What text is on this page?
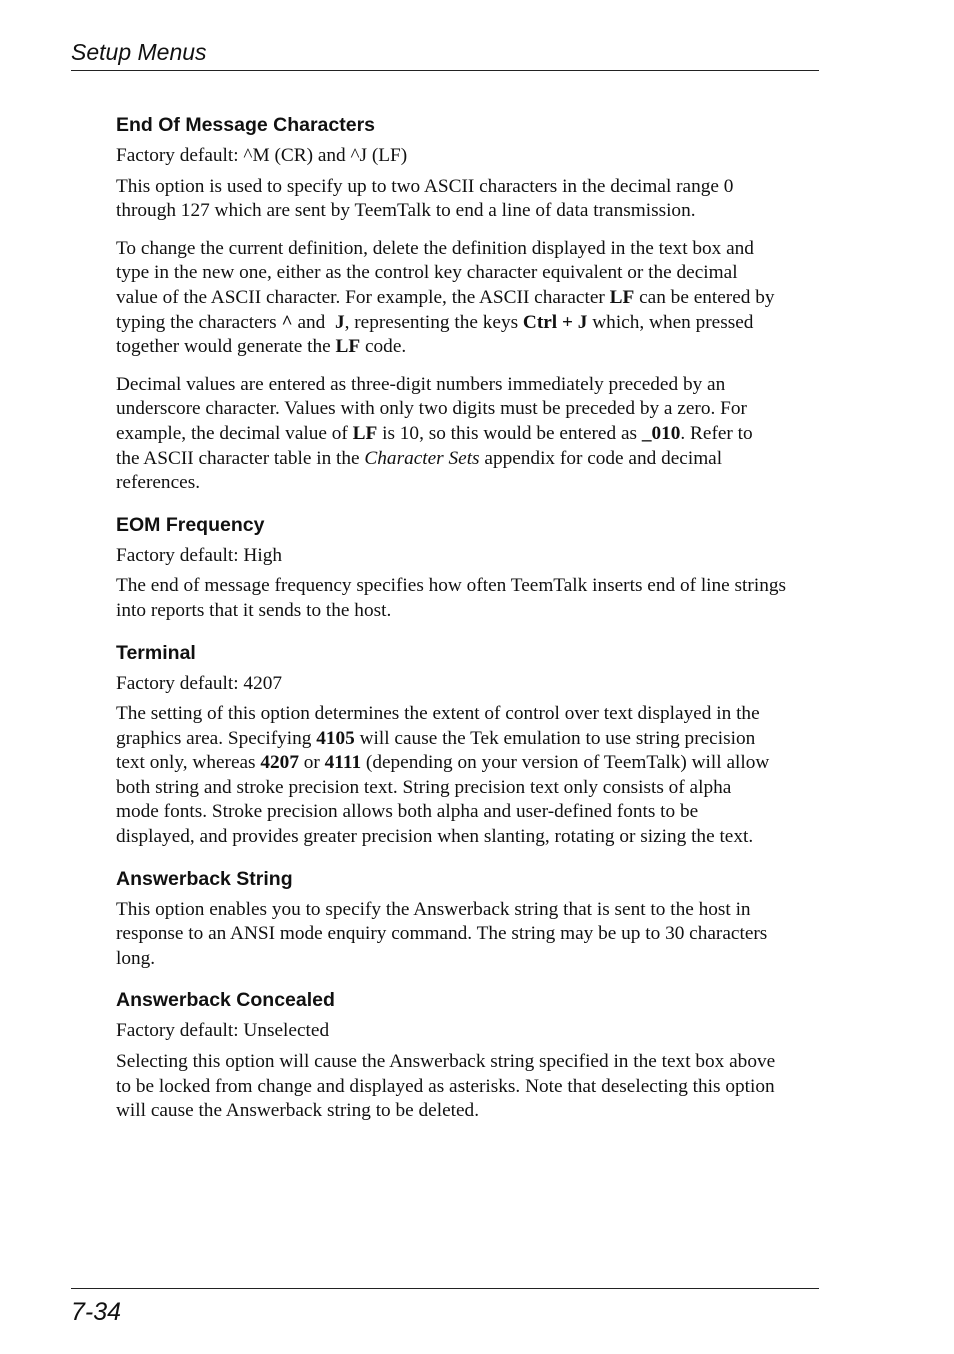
Setup Menus
End Of Message Characters
Factory default: ^M (CR) and ^J (LF)
This option is used to specify up to two ASCII characters in the decimal range 0
through 127 which are sent by TeemTalk to end a line of data transmission.
To change the current definition, delete the definition displayed in the text box and
type in the new one, either as the control key character equivalent or the decimal
value of the ASCII character. For example, the ASCII character LF can be entered by
typing the characters ^ and  J, representing the keys Ctrl + J which, when pressed
together would generate the LF code.
Decimal values are entered as three-digit numbers immediately preceded by an
underscore character. Values with only two digits must be preceded by a zero. For
example, the decimal value of LF is 10, so this would be entered as _010. Refer to
the ASCII character table in the Character Sets appendix for code and decimal
references.
EOM Frequency
Factory default: High
The end of message frequency specifies how often TeemTalk inserts end of line strings
into reports that it sends to the host.
Terminal
Factory default: 4207
The setting of this option determines the extent of control over text displayed in the
graphics area. Specifying 4105 will cause the Tek emulation to use string precision
text only, whereas 4207 or 4111 (depending on your version of TeemTalk) will allow
both string and stroke precision text. String precision text only consists of alpha
mode fonts. Stroke precision allows both alpha and user-defined fonts to be
displayed, and provides greater precision when slanting, rotating or sizing the text.
Answerback String
This option enables you to specify the Answerback string that is sent to the host in
response to an ANSI mode enquiry command. The string may be up to 30 characters
long.
Answerback Concealed
Factory default: Unselected
Selecting this option will cause the Answerback string specified in the text box above
to be locked from change and displayed as asterisks. Note that deselecting this option
will cause the Answerback string to be deleted.
7-34
